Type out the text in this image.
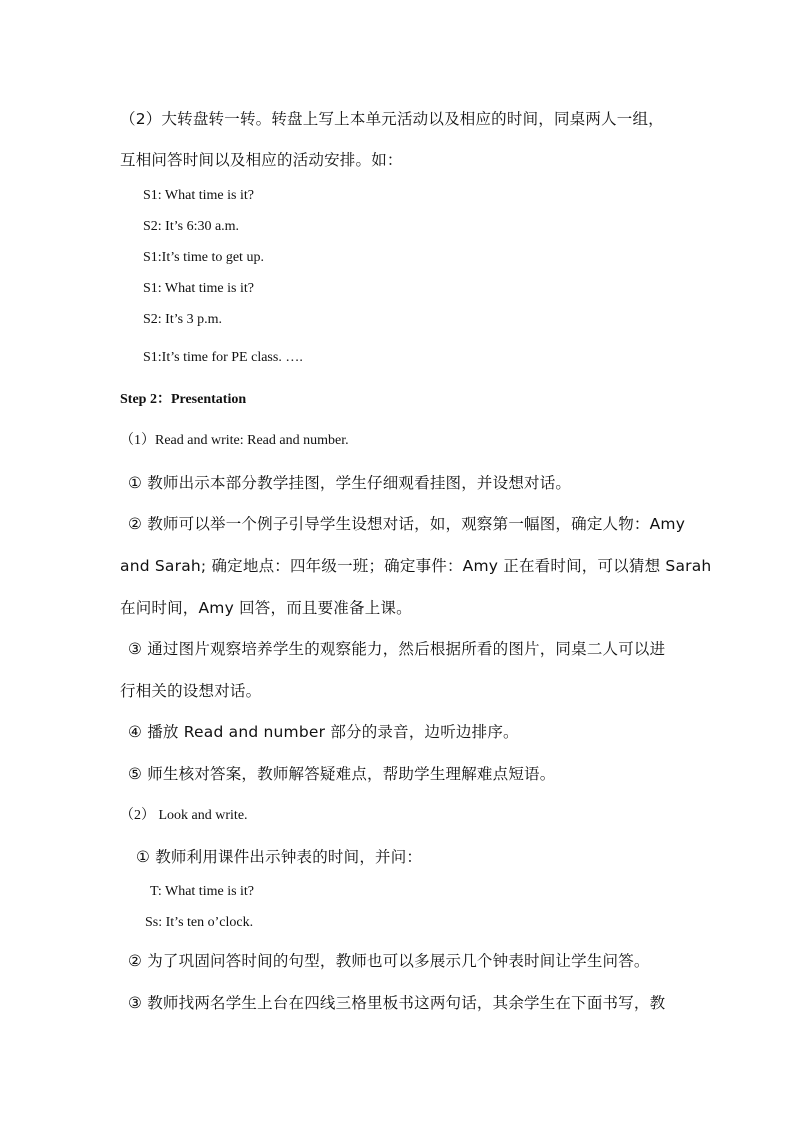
（2）大转盘转一转。转盘上写上本单元活动以及相应的时间，同桌两人一组，
互相问答时间以及相应的活动安排。如：
S1: What time is it?
S2: It’s 6:30 a.m.
S1:It’s time to get up.
S1: What time is it?
S2: It’s 3 p.m.
S1:It’s time for PE class. ….
Step 2：Presentation
（1）Read and write: Read and number.
① 教师出示本部分教学挂图，学生仔细观看挂图，并设想对话。
② 教师可以举一个例子引导学生设想对话，如，观察第一幅图，确定人物：Amy
and Sarah; 确定地点：四年级一班；确定事件：Amy 正在看时间，可以猜想 Sarah
在问时间，Amy 回答，而且要准备上课。
③ 通过图片观察培养学生的观察能力，然后根据所看的图片，同桌二人可以进
行相关的设想对话。
④ 播放 Read and number 部分的录音，边听边排序。
⑤ 师生核对答案，教师解答疑难点，帮助学生理解难点短语。
（2） Look and write.
① 教师利用课件出示钟表的时间，并问：
T: What time is it?
Ss: It’s ten o’clock.
② 为了巩固问答时间的句型，教师也可以多展示几个钟表时间让学生问答。
③ 教师找两名学生上台在四线三格里板书这两句话，其余学生在下面书写，教
